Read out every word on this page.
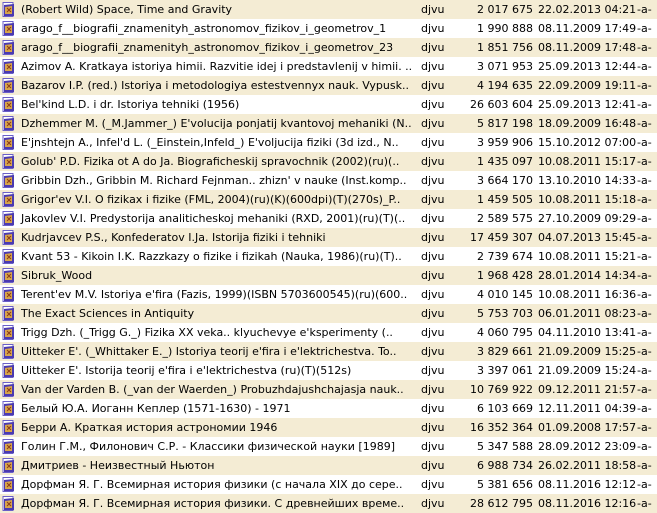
(Robert Wild) Space, Time and Gravity	djvu	2 017 675 22.02.2013 04:21 -a-
arago_f__biografii_znamenityh_astronomov_fizikov_i_geometrov_1	djvu	1 990 888 08.11.2009 17:49 -a-
arago_f__biografii_znamenityh_astronomov_fizikov_i_geometrov_23	djvu	1 851 756 08.11.2009 17:48 -a-
Azimov A. Kratkaya istoriya himii. Razvitie idej i predstavlenij v himii. .. djvu	3 071 953 25.09.2013 12:44 -a-
Bazarov I.P. (red.) Istoriya i metodologiya estestvennyx nauk. Vypusk..	djvu	4 194 635 22.09.2009 19:11 -a-
Bel'kind L.D. i dr. Istoriya tehniki (1956)	djvu	26 603 604 25.09.2013 12:41 -a-
Dzhemmer M. (_M.Jammer_) E'volucija ponjatij kvantovoj mehaniki (N.. djvu	5 817 198 18.09.2009 16:48 -a-
E'jnshtejn A., Infel'd L. (_Einstein,Infeld_) E'voljucija fiziki (3d izd., N..	djvu	3 959 906 15.10.2012 07:00 -a-
Golub' P.D. Fizika ot A do Ja. Biograficheskij spravochnik (2002)(ru)(..	djvu	1 435 097 10.08.2011 15:17 -a-
Gribbin Dzh., Gribbin M. Richard Fejnman.. zhizn' v nauke (Inst.komp..	djvu	3 664 170 13.10.2010 14:33 -a-
Grigor'ev V.I. O fizikax i fizike (FML, 2004)(ru)(K)(600dpi)(T)(270s)_P..	djvu	1 459 505 10.08.2011 15:18 -a-
Jakovlev V.I. Predystorija analiticheskoj mehaniki (RXD, 2001)(ru)(T)(..	djvu	2 589 575 27.10.2009 09:29 -a-
Kudrjavcev P.S., Konfederatov I.Ja. Istorija fiziki i tehniki	djvu	17 459 307 04.07.2013 15:45 -a-
Kvant 53 - Kikoin I.K. Razzkazy o fizike i fizikah (Nauka, 1986)(ru)(T)..	djvu	2 739 674 10.08.2011 15:21 -a-
Sibruk_Wood	djvu	1 968 428 28.01.2014 14:34 -a-
Terent'ev M.V. Istoriya e'fira (Fazis, 1999)(ISBN 5703600545)(ru)(600..	djvu	4 010 145 10.08.2011 16:36 -a-
The Exact Sciences in Antiquity	djvu	5 753 703 06.01.2011 08:23 -a-
Trigg Dzh. (_Trigg G._) Fizika XX veka.. klyuchevye e'ksperimenty (..	djvu	4 060 795 04.11.2010 13:41 -a-
Uitteker E'. (_Whittaker E._) Istoriya teorij e'fira i e'lektrichestva. To..	djvu	3 829 661 21.09.2009 15:25 -a-
Uitteker E'. Istorija teorij e'fira i e'lektrichestva (ru)(T)(512s)	djvu	3 397 061 21.09.2009 15:24 -a-
Van der Varden B. (_van der Waerden_) Probuzhdajushchajasja nauk..	djvu	10 769 922 09.12.2011 21:57 -a-
Белый Ю.А. Иоганн Кеплер (1571-1630) - 1971	djvu	6 103 669 12.11.2011 04:39 -a-
Берри А. Краткая история астрономии 1946	djvu	16 352 364 01.09.2008 17:57 -a-
Голин Г.М., Филонович С.Р. - Классики физической науки [1989]	djvu	5 347 588 28.09.2012 23:09 -a-
Дмитриев - Неизвестный Ньютон	djvu	6 988 734 26.02.2011 18:58 -a-
Дорфман Я. Г. Всемирная история физики (с начала XIX до сере..	djvu	5 381 656 08.11.2016 12:12 -a-
Дорфман Я. Г. Всемирная история физики. С древнейших време..	djvu	28 612 795 08.11.2016 12:16 -a-
